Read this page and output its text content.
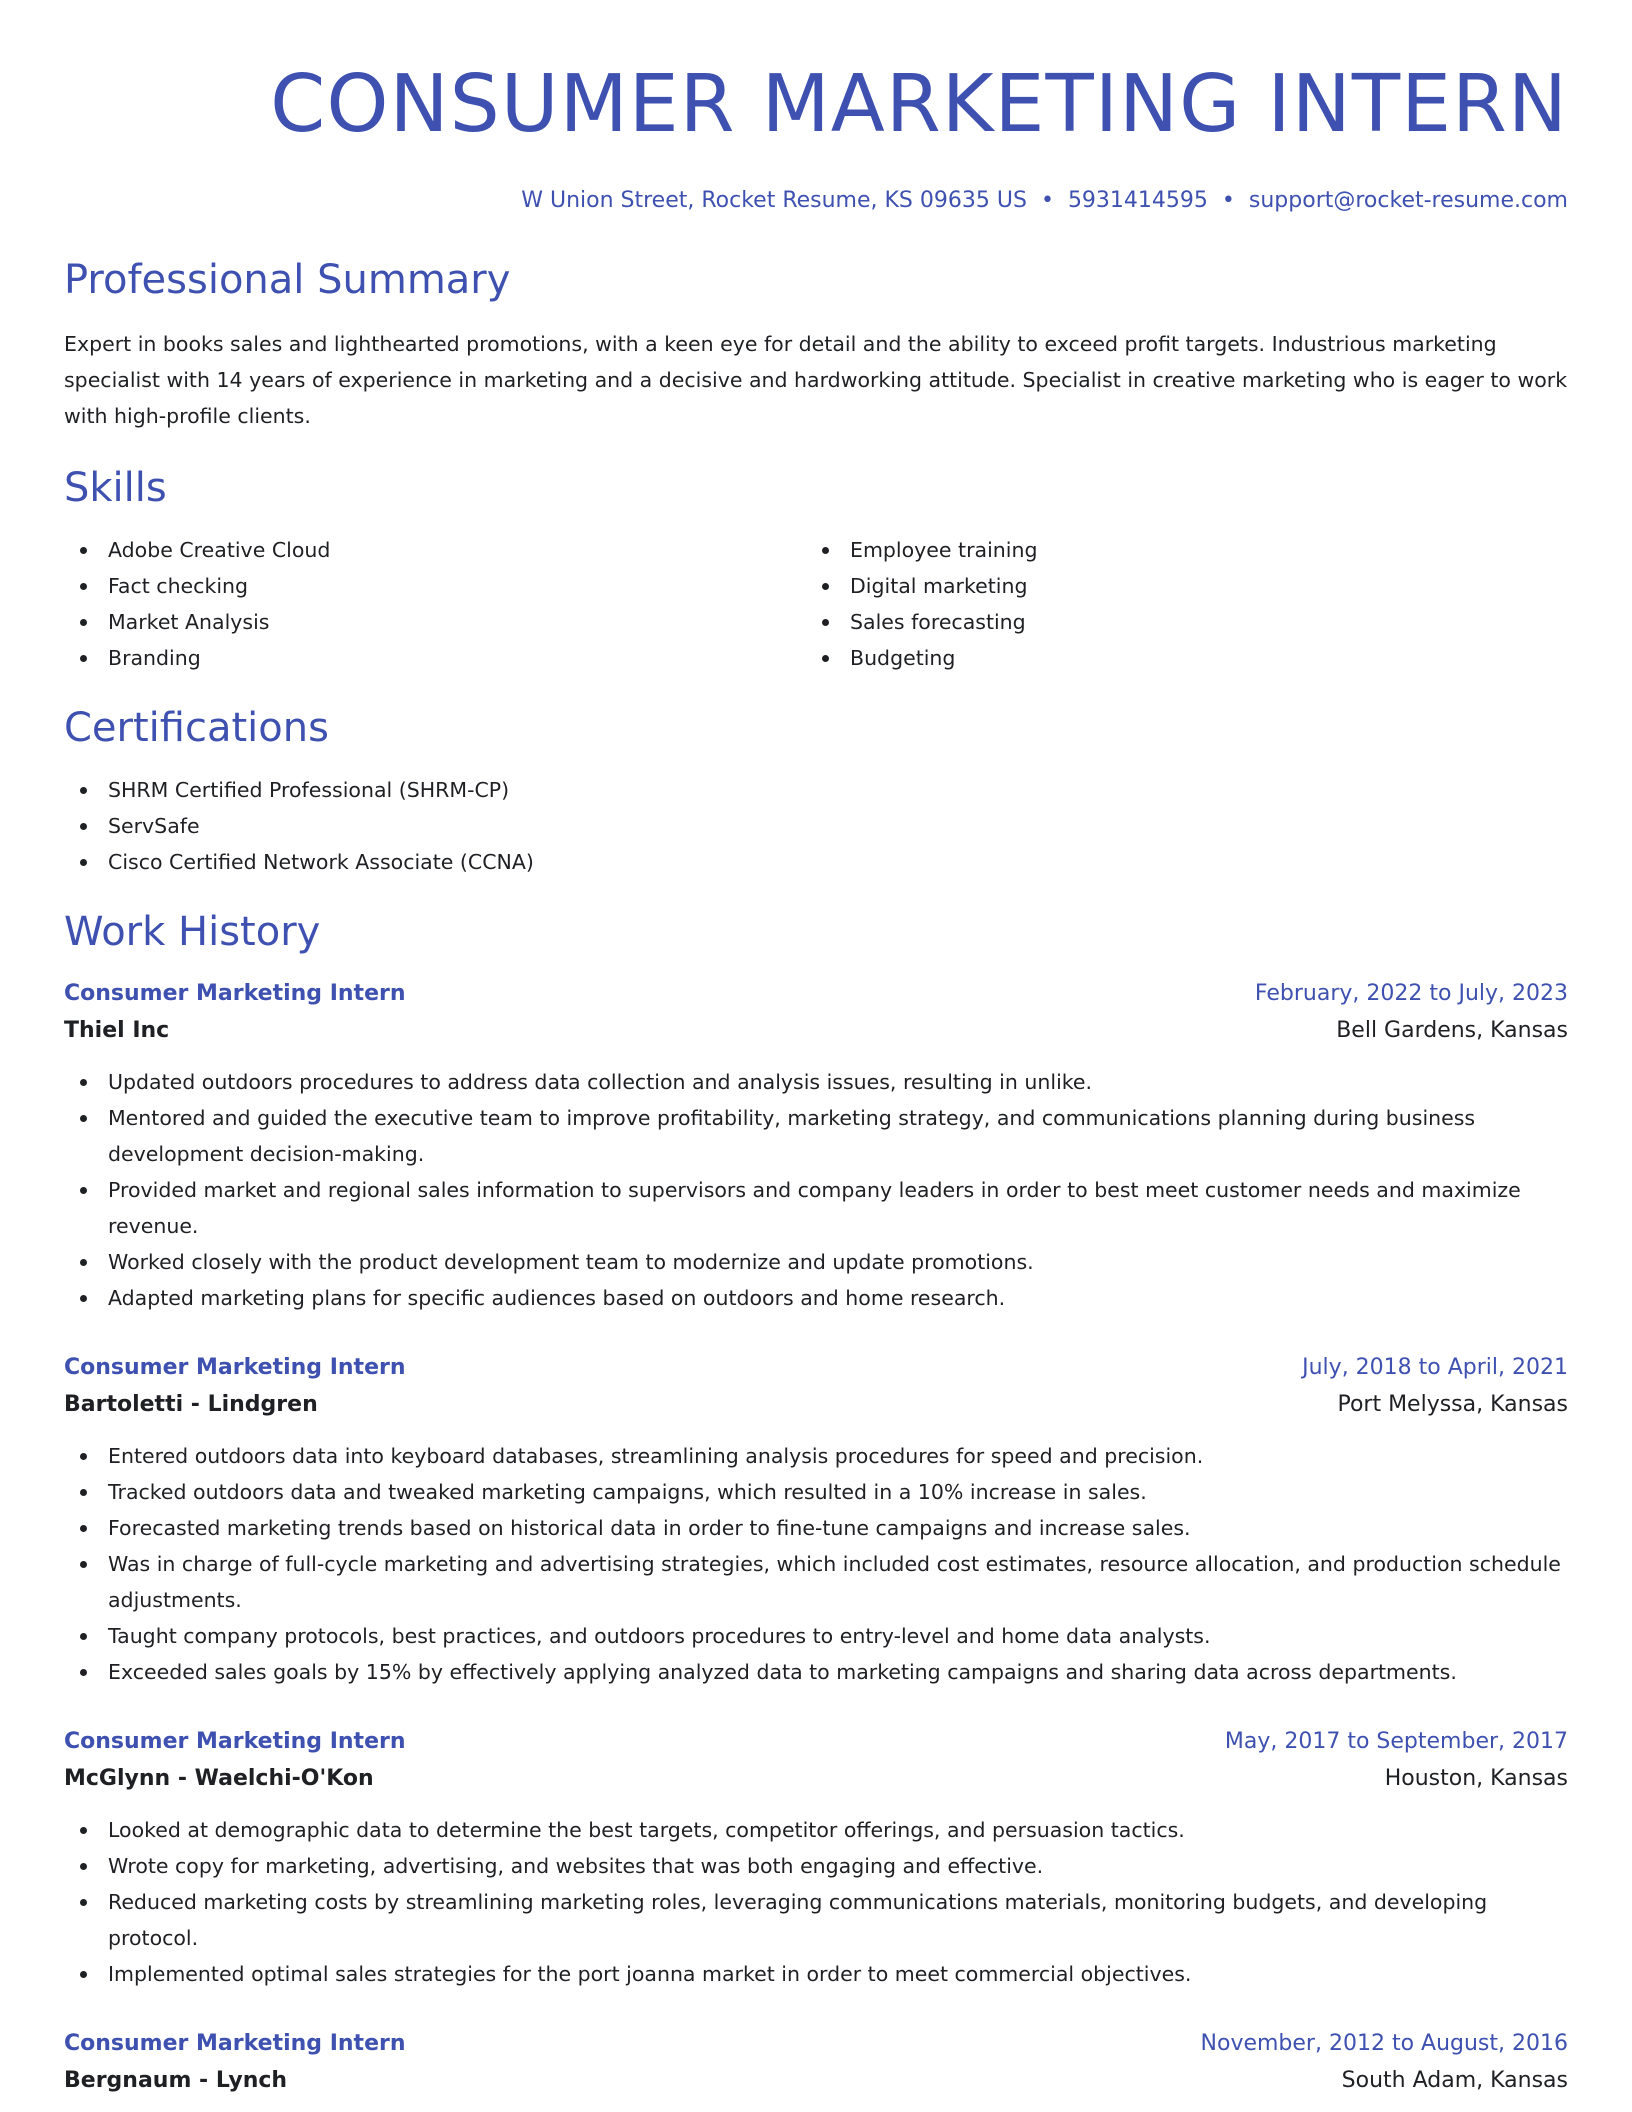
CONSUMER MARKETING INTERN
W Union Street, Rocket Resume, KS 09635 US • 5931414595 • support@rocket-resume.com
Professional Summary

Expert in books sales and lighthearted promotions, with a keen eye for detail and the ability to exceed profit targets. Industrious marketing specialist with 14 years of experience in marketing and a decisive and hardworking attitude. Specialist in creative marketing who is eager to work with high-profile clients.

Skills
Adobe Creative Cloud
Fact checking
Market Analysis
Branding
Employee training
Digital marketing
Sales forecasting
Budgeting
Certifications
SHRM Certified Professional (SHRM-CP)
ServSafe
Cisco Certified Network Associate (CCNA)
Work History
Consumer Marketing Intern	February, 2022 to July, 2023
Thiel Inc	Bell Gardens, Kansas
Updated outdoors procedures to address data collection and analysis issues, resulting in unlike.
Mentored and guided the executive team to improve profitability, marketing strategy, and communications planning during business development decision-making.
Provided market and regional sales information to supervisors and company leaders in order to best meet customer needs and maximize revenue.
Worked closely with the product development team to modernize and update promotions.
Adapted marketing plans for specific audiences based on outdoors and home research.
Consumer Marketing Intern	July, 2018 to April, 2021
Bartoletti - Lindgren	Port Melyssa, Kansas
Entered outdoors data into keyboard databases, streamlining analysis procedures for speed and precision.
Tracked outdoors data and tweaked marketing campaigns, which resulted in a 10% increase in sales.
Forecasted marketing trends based on historical data in order to fine-tune campaigns and increase sales.
Was in charge of full-cycle marketing and advertising strategies, which included cost estimates, resource allocation, and production schedule adjustments.
Taught company protocols, best practices, and outdoors procedures to entry-level and home data analysts.
Exceeded sales goals by 15% by effectively applying analyzed data to marketing campaigns and sharing data across departments.
Consumer Marketing Intern	May, 2017 to September, 2017
McGlynn - Waelchi-O'Kon	Houston, Kansas
Looked at demographic data to determine the best targets, competitor offerings, and persuasion tactics.
Wrote copy for marketing, advertising, and websites that was both engaging and effective.
Reduced marketing costs by streamlining marketing roles, leveraging communications materials, monitoring budgets, and developing protocol.
Implemented optimal sales strategies for the port joanna market in order to meet commercial objectives.
Consumer Marketing Intern	November, 2012 to August, 2016
Bergnaum - Lynch	South Adam, Kansas
